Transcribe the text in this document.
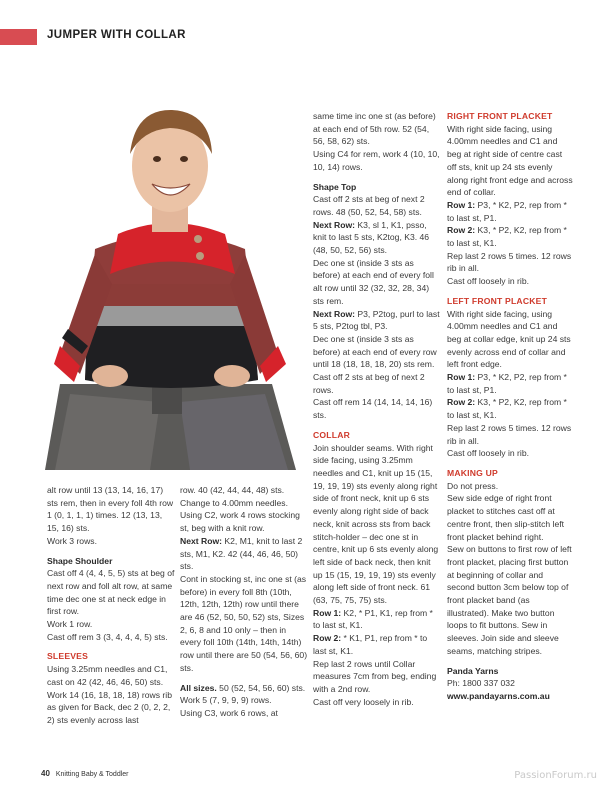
JUMPER WITH COLLAR

alt row until 13 (13, 14, 16, 17) sts rem, then in every foll 4th row 1 (0, 1, 1, 1) times. 12 (13, 13, 15, 16) sts.

Work 3 rows.

Shape Shoulder

Cast off 4 (4, 4, 5, 5) sts at beg of next row and foll alt row, at same time dec one st at neck edge in first row.

Work 1 row.

Cast off rem 3 (3, 4, 4, 4, 5) sts.

SLEEVES

Using 3.25mm needles and C1, cast on 42 (42, 46, 46, 50) sts.

Work 14 (16, 18, 18, 18) rows rib as given for Back, dec 2 (0, 2, 2, 2) sts evenly across last

row. 40 (42, 44, 44, 48) sts. Change to 4.00mm needles. Using C2, work 4 rows stocking st, beg with a knit row.

Next Row: K2, M1, knit to last 2 sts, M1, K2. 42 (44, 46, 46, 50) sts.

Cont in stocking st, inc one st (as before) in every foll 8th (10th, 12th, 12th, 12th) row until there are 46 (52, 50, 50, 52) sts, Sizes 2, 6, 8 and 10 only – then in every foll 10th (14th, 14th, 14th) row until there are 50 (54, 56, 60) sts.

All sizes. 50 (52, 54, 56, 60) sts.

Work 5 (7, 9, 9, 9) rows.

Using C3, work 6 rows, at

same time inc one st (as before) at each end of 5th row. 52 (54, 56, 58, 62) sts.

Using C4 for rem, work 4 (10, 10, 10, 14) rows.

Shape Top

Cast off 2 sts at beg of next 2 rows. 48 (50, 52, 54, 58) sts.

Next Row: K3, sl 1, K1, psso, knit to last 5 sts, K2tog, K3. 46 (48, 50, 52, 56) sts.

Dec one st (inside 3 sts as before) at each end of every foll alt row until 32 (32, 32, 28, 34) sts rem.

Next Row: P3, P2tog, purl to last 5 sts, P2tog tbl, P3.

Dec one st (inside 3 sts as before) at each end of every row until 18 (18, 18, 18, 20) sts rem.

Cast off 2 sts at beg of next 2 rows.

Cast off rem 14 (14, 14, 14, 16) sts.

COLLAR

Join shoulder seams. With right side facing, using 3.25mm needles and C1, knit up 15 (15, 19, 19, 19) sts evenly along right side of front neck, knit up 6 sts evenly along right side of back neck, knit across sts from back stitch-holder – dec one st in centre, knit up 6 sts evenly along left side of back neck, then knit up 15 (15, 19, 19, 19) sts evenly along left side of front neck. 61 (63, 75, 75, 75) sts.

Row 1: K2, * P1, K1, rep from * to last st, K1.

Row 2: * K1, P1, rep from * to last st, K1.

Rep last 2 rows until Collar measures 7cm from beg, ending with a 2nd row.

Cast off very loosely in rib.

RIGHT FRONT PLACKET

With right side facing, using 4.00mm needles and C1 and beg at right side of centre cast off sts, knit up 24 sts evenly along right front edge and across end of collar.

Row 1: P3, * K2, P2, rep from * to last st, P1.

Row 2: K3, * P2, K2, rep from * to last st, K1.

Rep last 2 rows 5 times. 12 rows rib in all.

Cast off loosely in rib.

LEFT FRONT PLACKET

With right side facing, using 4.00mm needles and C1 and beg at collar edge, knit up 24 sts evenly across end of collar and left front edge.

Row 1: P3, * K2, P2, rep from * to last st, P1.

Row 2: K3, * P2, K2, rep from * to last st, K1.

Rep last 2 rows 5 times. 12 rows rib in all.

Cast off loosely in rib.

MAKING UP

Do not press.

Sew side edge of right front placket to stitches cast off at centre front, then slip-stitch left front placket behind right.

Sew on buttons to first row of left front placket, placing first button at beginning of collar and second button 3cm below top of front placket band (as illustrated). Make two button loops to fit buttons. Sew in sleeves. Join side and sleeve seams, matching stripes.

Panda Yarns

Ph: 1800 337 032

www.pandayarns.com.au

40 Knitting Baby & Toddler	PassionForum.ru
